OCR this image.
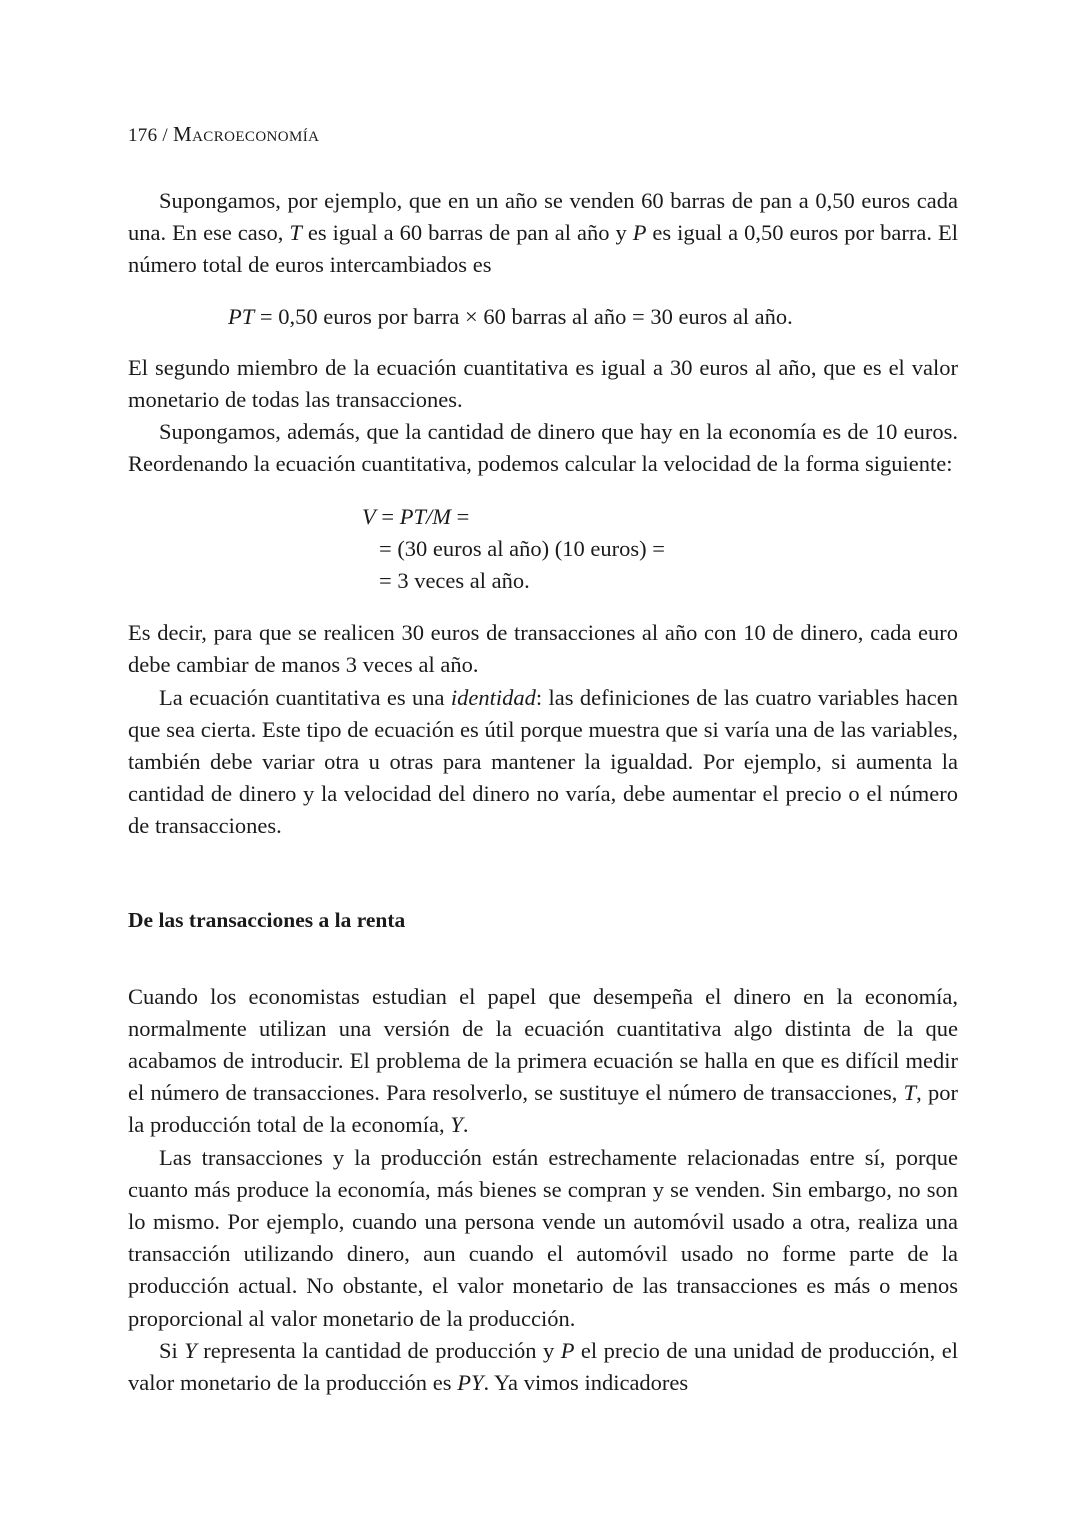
176 / Macroeconomía

Supongamos, por ejemplo, que en un año se venden 60 barras de pan a 0,50 euros cada una. En ese caso, T es igual a 60 barras de pan al año y P es igual a 0,50 euros por barra. El número total de euros intercambiados es

PT = 0,50 euros por barra × 60 barras al año = 30 euros al año.

El segundo miembro de la ecuación cuantitativa es igual a 30 euros al año, que es el valor monetario de todas las transacciones.

Supongamos, además, que la cantidad de dinero que hay en la economía es de 10 euros. Reordenando la ecuación cuantitativa, podemos calcular la velocidad de la forma siguiente:

V = PT/M =
= (30 euros al año) (10 euros) =
= 3 veces al año.

Es decir, para que se realicen 30 euros de transacciones al año con 10 de dinero, cada euro debe cambiar de manos 3 veces al año.

La ecuación cuantitativa es una identidad: las definiciones de las cuatro variables hacen que sea cierta. Este tipo de ecuación es útil porque muestra que si varía una de las variables, también debe variar otra u otras para mantener la igualdad. Por ejemplo, si aumenta la cantidad de dinero y la velocidad del dinero no varía, debe aumentar el precio o el número de transacciones.

De las transacciones a la renta

Cuando los economistas estudian el papel que desempeña el dinero en la economía, normalmente utilizan una versión de la ecuación cuantitativa algo distinta de la que acabamos de introducir. El problema de la primera ecuación se halla en que es difícil medir el número de transacciones. Para resolverlo, se sustituye el número de transacciones, T, por la producción total de la economía, Y.

Las transacciones y la producción están estrechamente relacionadas entre sí, porque cuanto más produce la economía, más bienes se compran y se venden. Sin embargo, no son lo mismo. Por ejemplo, cuando una persona vende un automóvil usado a otra, realiza una transacción utilizando dinero, aun cuando el automóvil usado no forme parte de la producción actual. No obstante, el valor monetario de las transacciones es más o menos proporcional al valor monetario de la producción.

Si Y representa la cantidad de producción y P el precio de una unidad de producción, el valor monetario de la producción es PY. Ya vimos indicadores
